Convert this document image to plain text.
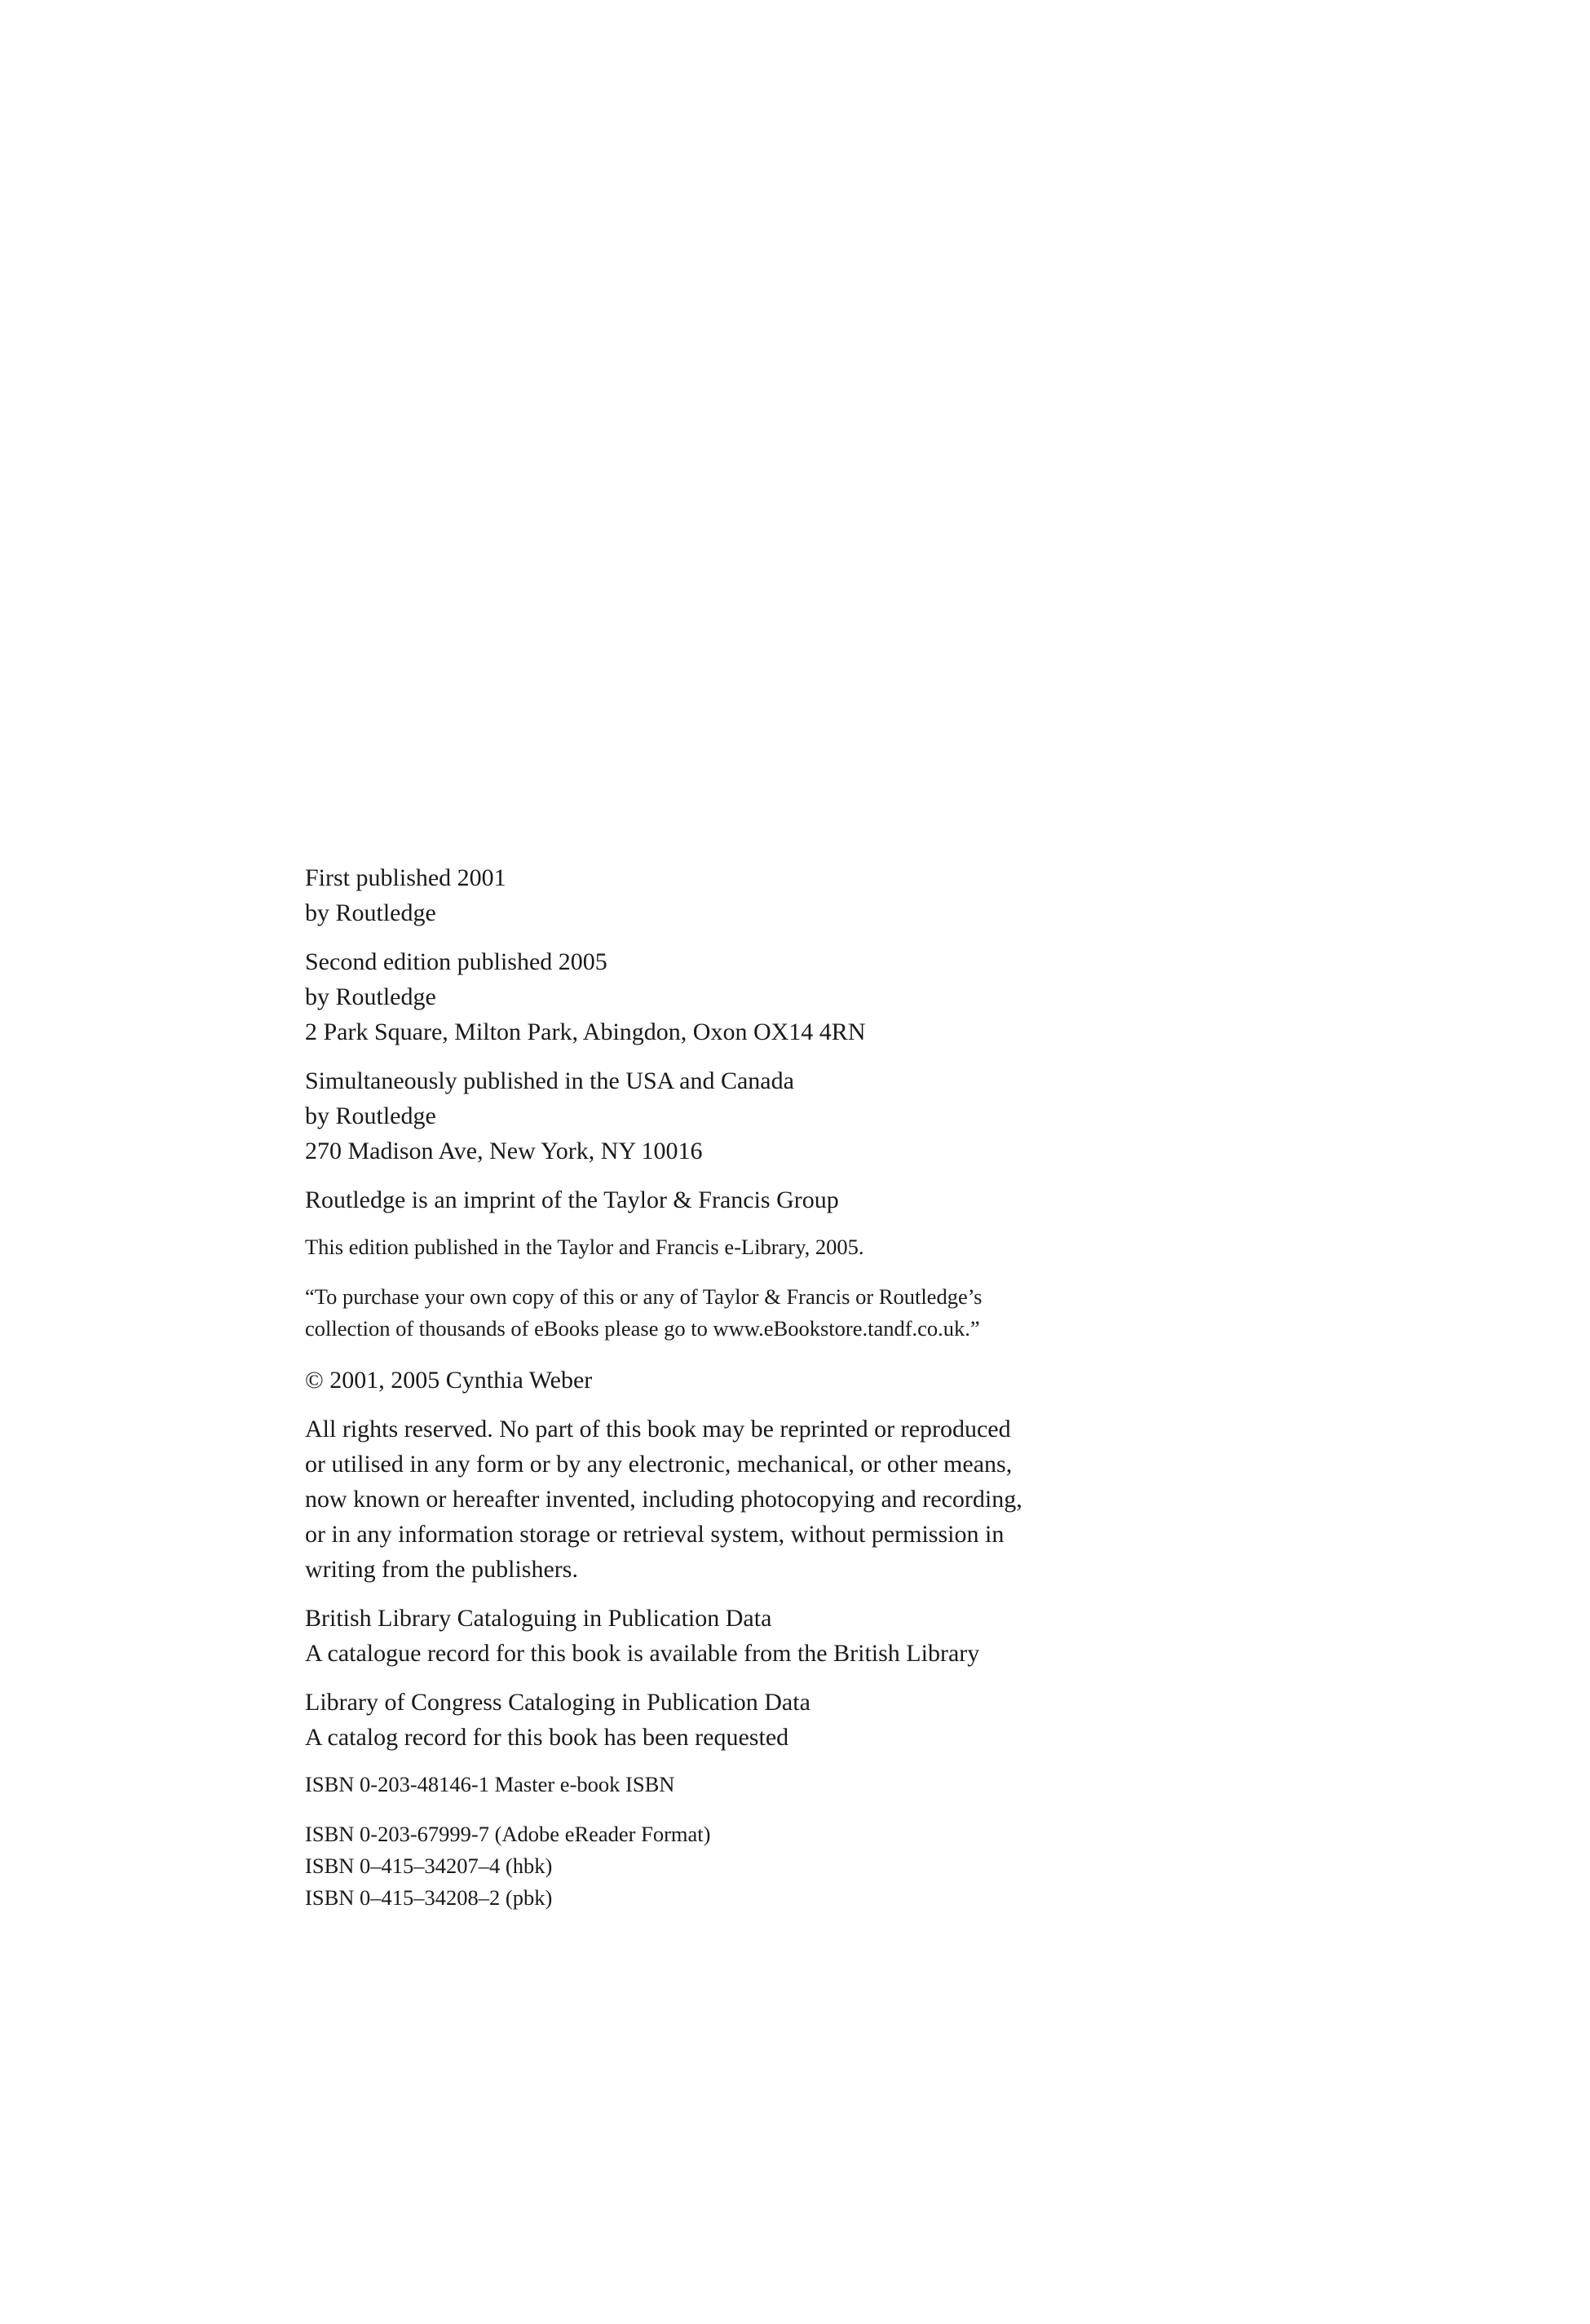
First published 2001
by Routledge
Second edition published 2005
by Routledge
2 Park Square, Milton Park, Abingdon, Oxon OX14 4RN
Simultaneously published in the USA and Canada
by Routledge
270 Madison Ave, New York, NY 10016
Routledge is an imprint of the Taylor & Francis Group
This edition published in the Taylor and Francis e-Library, 2005.
“To purchase your own copy of this or any of Taylor & Francis or Routledge’s
collection of thousands of eBooks please go to www.eBookstore.tandf.co.uk.”
© 2001, 2005 Cynthia Weber
All rights reserved. No part of this book may be reprinted or reproduced
or utilised in any form or by any electronic, mechanical, or other means,
now known or hereafter invented, including photocopying and recording,
or in any information storage or retrieval system, without permission in
writing from the publishers.
British Library Cataloguing in Publication Data
A catalogue record for this book is available from the British Library
Library of Congress Cataloging in Publication Data
A catalog record for this book has been requested
ISBN 0-203-48146-1 Master e-book ISBN
ISBN 0-203-67999-7 (Adobe eReader Format)
ISBN 0–415–34207–4 (hbk)
ISBN 0–415–34208–2 (pbk)
